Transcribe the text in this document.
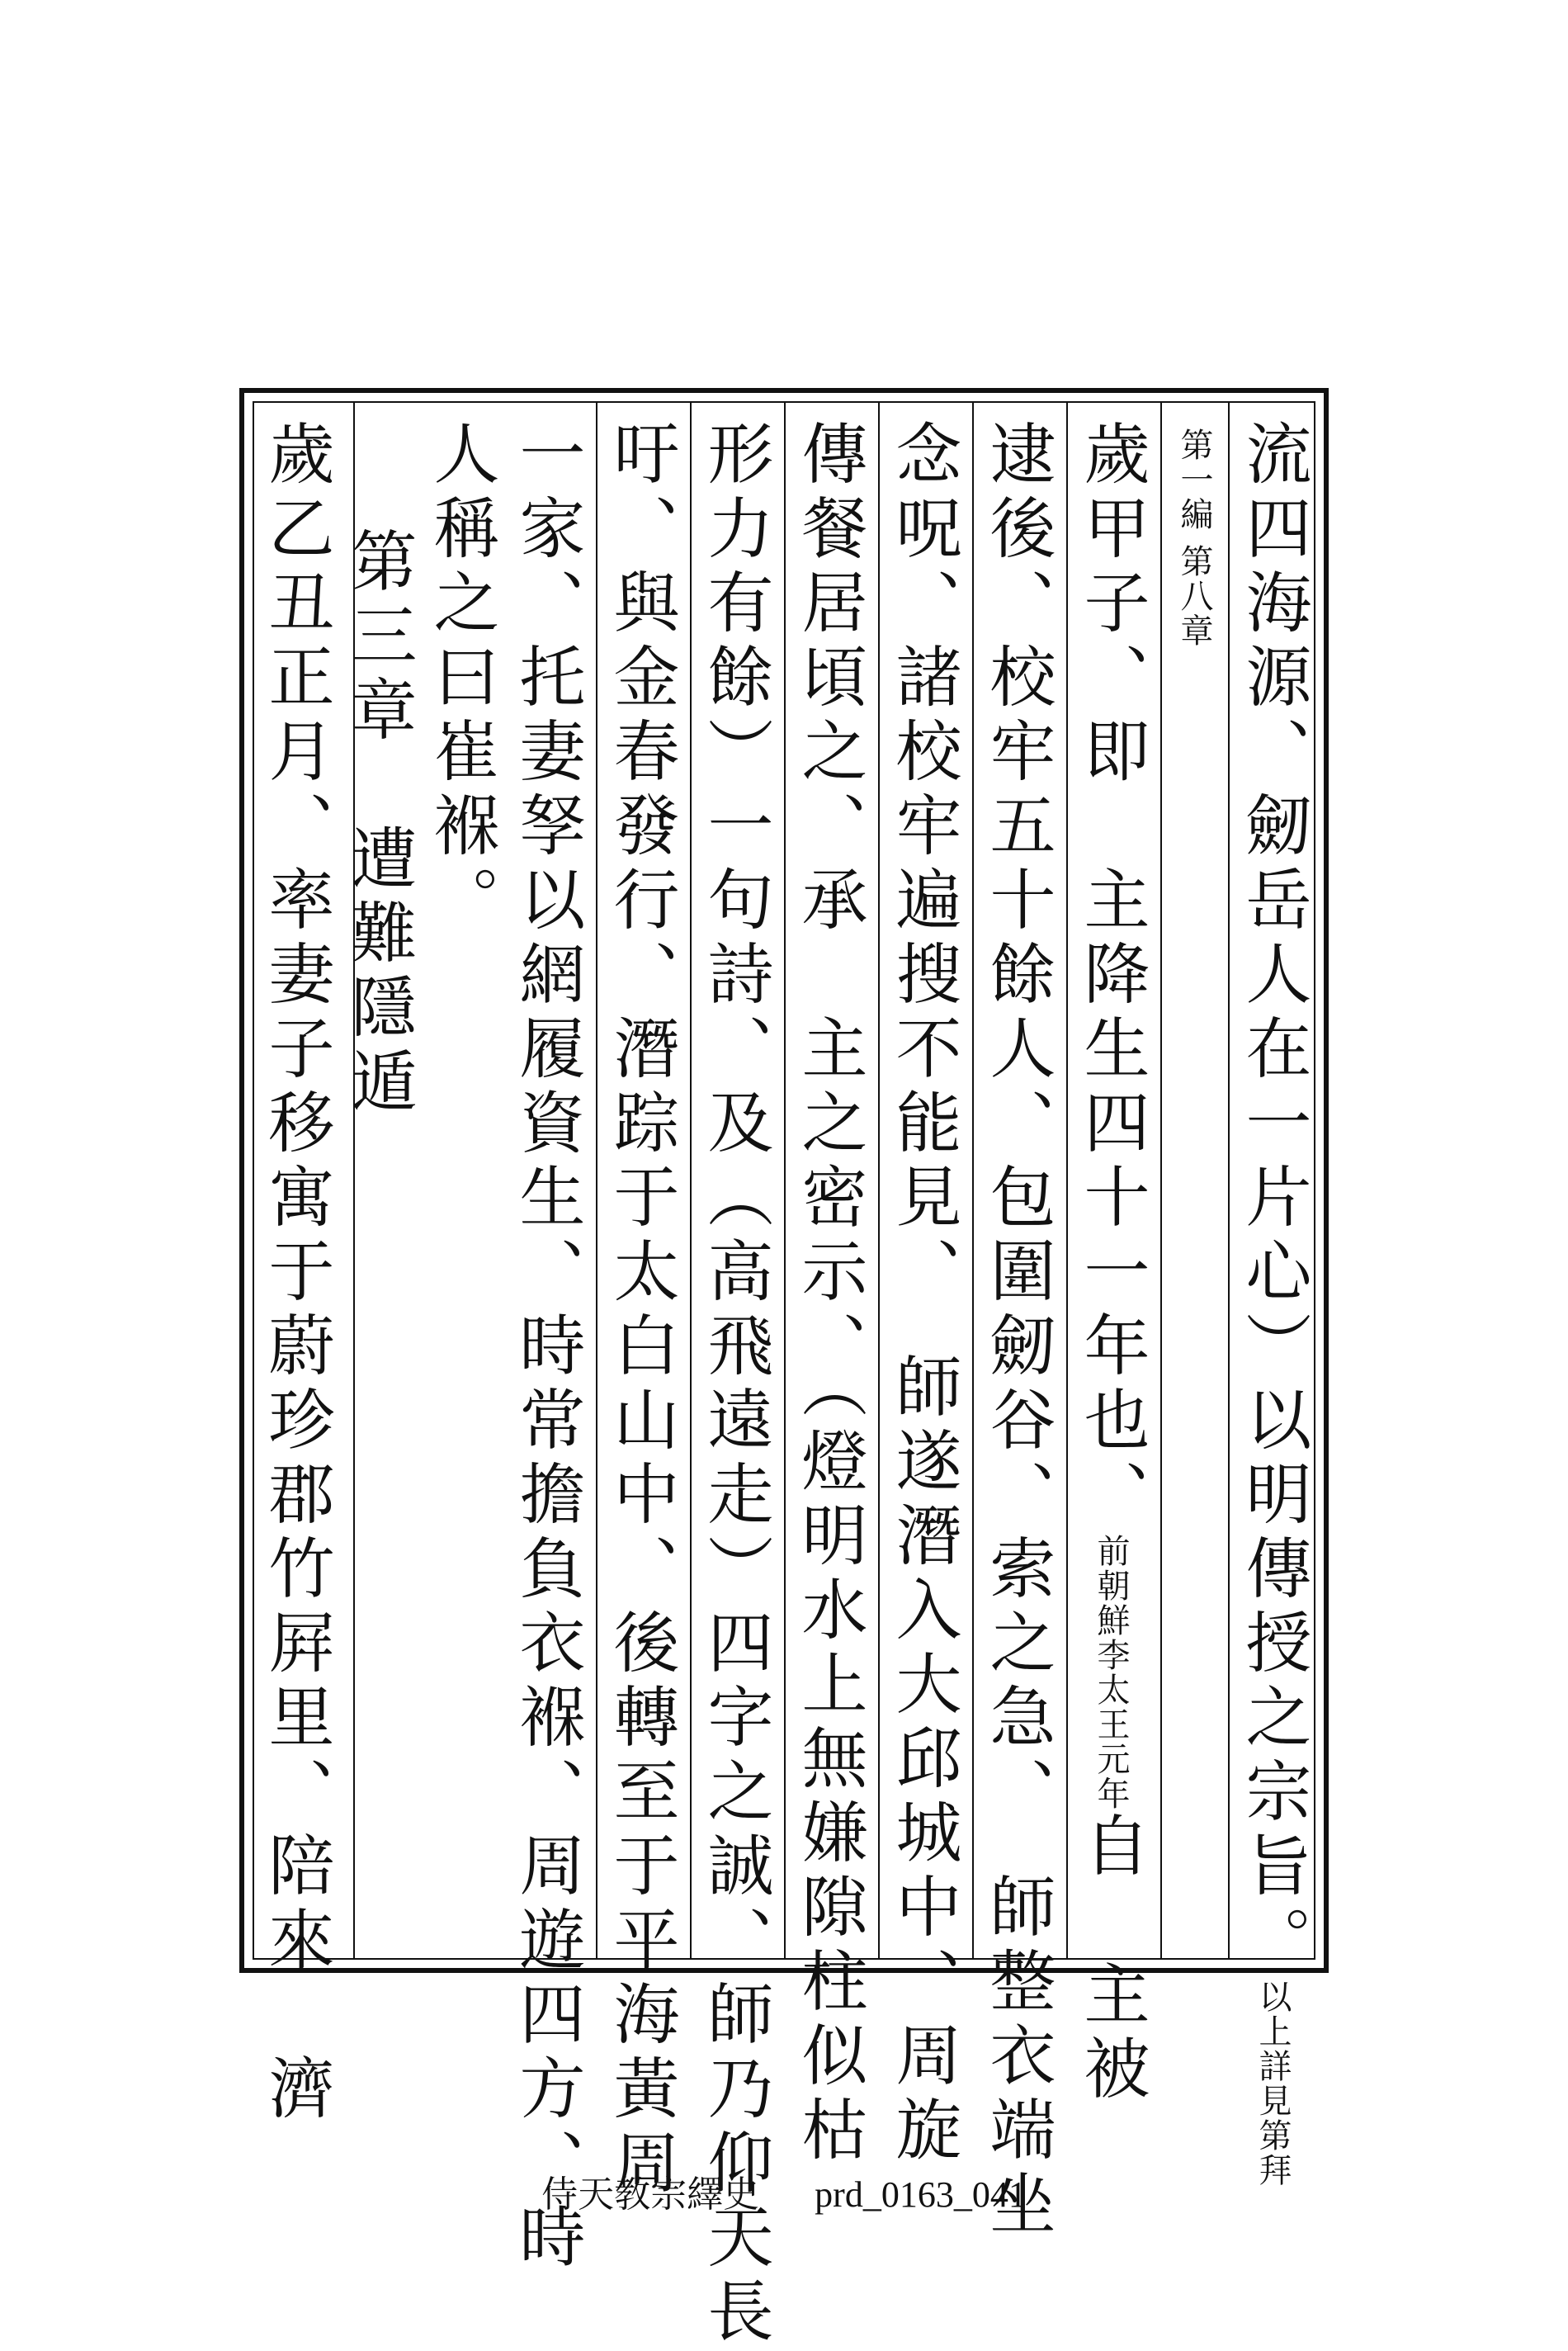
流四海源、劒岳人在一片心）以明傳授之宗旨。以上詳見第拜
第一編 第八章
歲甲子、即　主降生四十一年也、前朝鮮李太王元年自　主被
逮後、校牢五十餘人、包圍劒谷、索之急、　師整衣端坐
念呪、諸校牢遍搜不能見、　師遂潛入大邱城中、周旋
傳餐居頃之、承　主之密示、（燈明水上無嫌隙柱似枯
形力有餘）一句詩、及（高飛遠走）四字之誠、師乃仰天長
吁、與金春發行、潛踪于太白山中、後轉至于平海黃周
一家、托妻孥以網履資生、時常擔負衣褓、周遊四方、時
人稱之曰崔褓。
第三章　遭難隱遁
歲乙丑正月、率妻子移寓于蔚珍郡竹屛里、陪來　濟
侍天教宗繹史 prd_0163_041
